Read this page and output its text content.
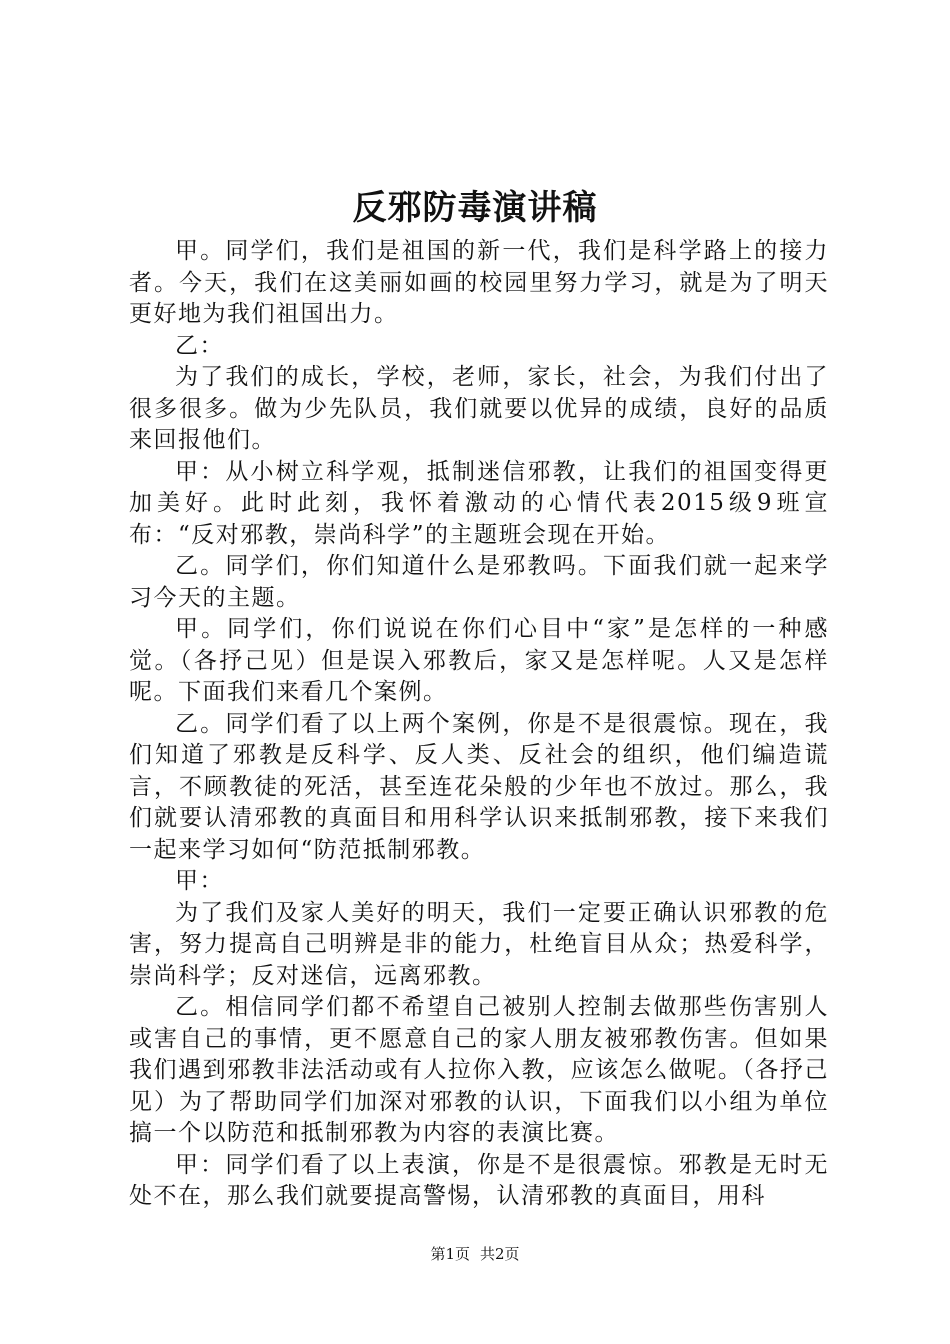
反邪防毒演讲稿

甲。同学们，我们是祖国的新一代，我们是科学路上的接力者。今天，我们在这美丽如画的校园里努力学习，就是为了明天更好地为我们祖国出力。

乙：

为了我们的成长，学校，老师，家长，社会，为我们付出了很多很多。做为少先队员，我们就要以优异的成绩，良好的品质来回报他们。

甲：从小树立科学观，抵制迷信邪教，让我们的祖国变得更加美好。此时此刻，我怀着激动的心情代表2015级9班宣布：“反对邪教，崇尚科学”的主题班会现在开始。

乙。同学们，你们知道什么是邪教吗。下面我们就一起来学习今天的主题。

甲。同学们，你们说说在你们心目中“家”是怎样的一种感觉。（各抒己见）但是误入邪教后，家又是怎样呢。人又是怎样呢。下面我们来看几个案例。

乙。同学们看了以上两个案例，你是不是很震惊。现在，我们知道了邪教是反科学、反人类、反社会的组织，他们编造谎言，不顾教徒的死活，甚至连花朵般的少年也不放过。那么，我们就要认清邪教的真面目和用科学认识来抵制邪教，接下来我们一起来学习如何“防范抵制邪教。

甲：

为了我们及家人美好的明天，我们一定要正确认识邪教的危害，努力提高自己明辨是非的能力，杜绝盲目从众；热爱科学，崇尚科学；反对迷信，远离邪教。

乙。相信同学们都不希望自己被别人控制去做那些伤害别人或害自己的事情，更不愿意自己的家人朋友被邪教伤害。但如果我们遇到邪教非法活动或有人拉你入教，应该怎么做呢。（各抒己见）为了帮助同学们加深对邪教的认识，下面我们以小组为单位搞一个以防范和抵制邪教为内容的表演比赛。

甲：同学们看了以上表演，你是不是很震惊。邪教是无时无处不在，那么我们就要提高警惕，认清邪教的真面目，用科

第1页 共2页
